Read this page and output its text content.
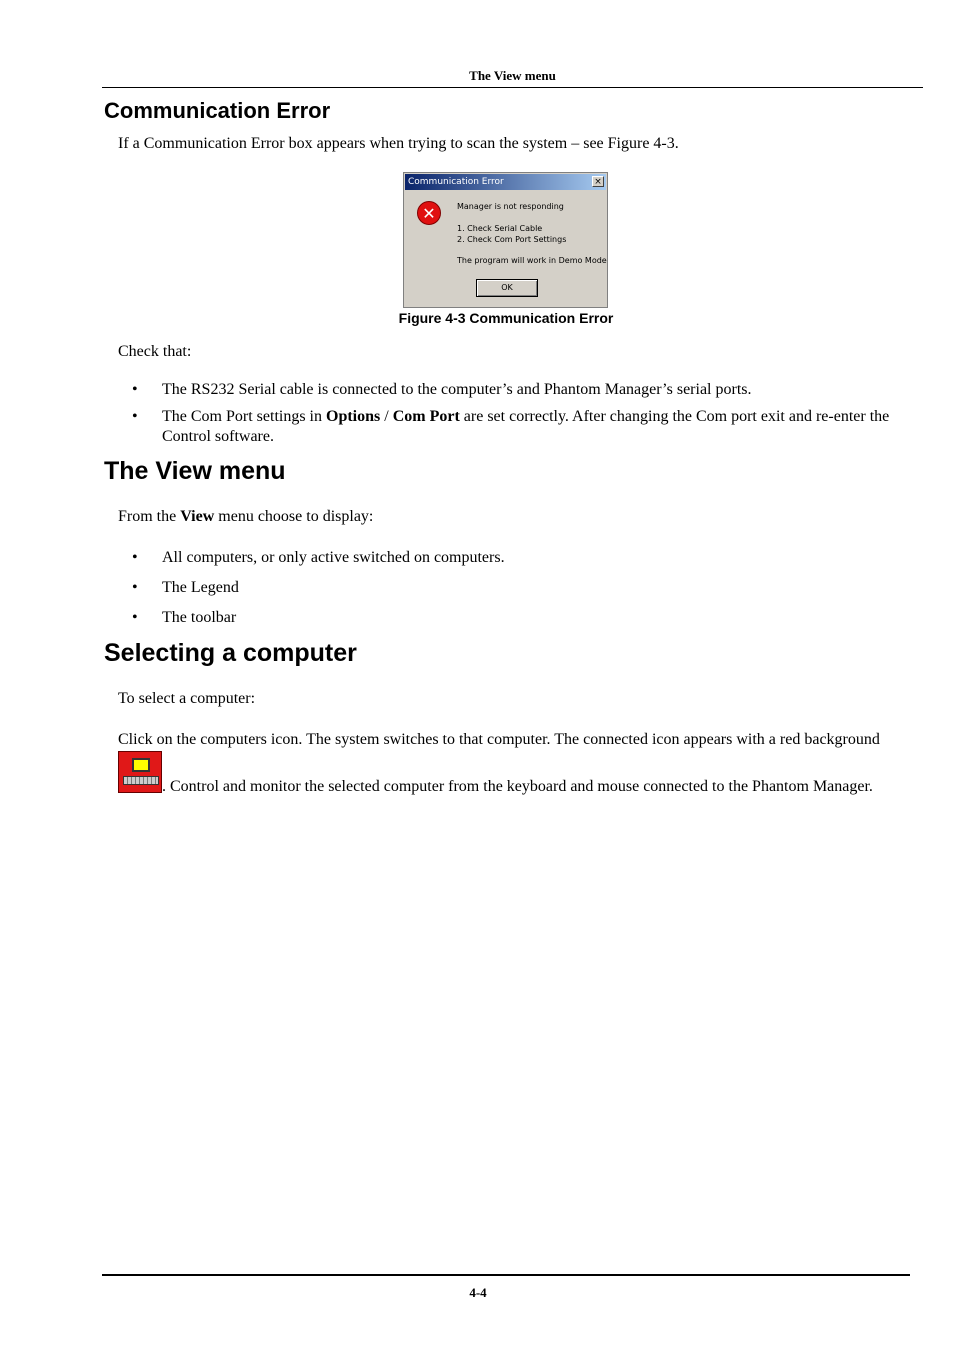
The View menu
Communication Error

If a Communication Error box appears when trying to scan the system – see Figure 4-3.

Communication Error	×
✕	Manager is not responding
1. Check Serial Cable
2. Check Com Port Settings
The program will work in Demo Mode
OK
Figure 4-3 Communication Error

Check that:

• The RS232 Serial cable is connected to the computer’s and Phantom Manager’s serial ports.
• The Com Port settings in Options / Com Port are set correctly. After changing the Com port exit and re-enter the Control software.
The View menu

From the View menu choose to display:

• All computers, or only active switched on computers.
• The Legend
• The toolbar
Selecting a computer

To select a computer:

Click on the computers icon. The system switches to that computer. The connected icon appears with a red background
. Control and monitor the selected computer from the keyboard and mouse connected to the Phantom Manager.

4-4
